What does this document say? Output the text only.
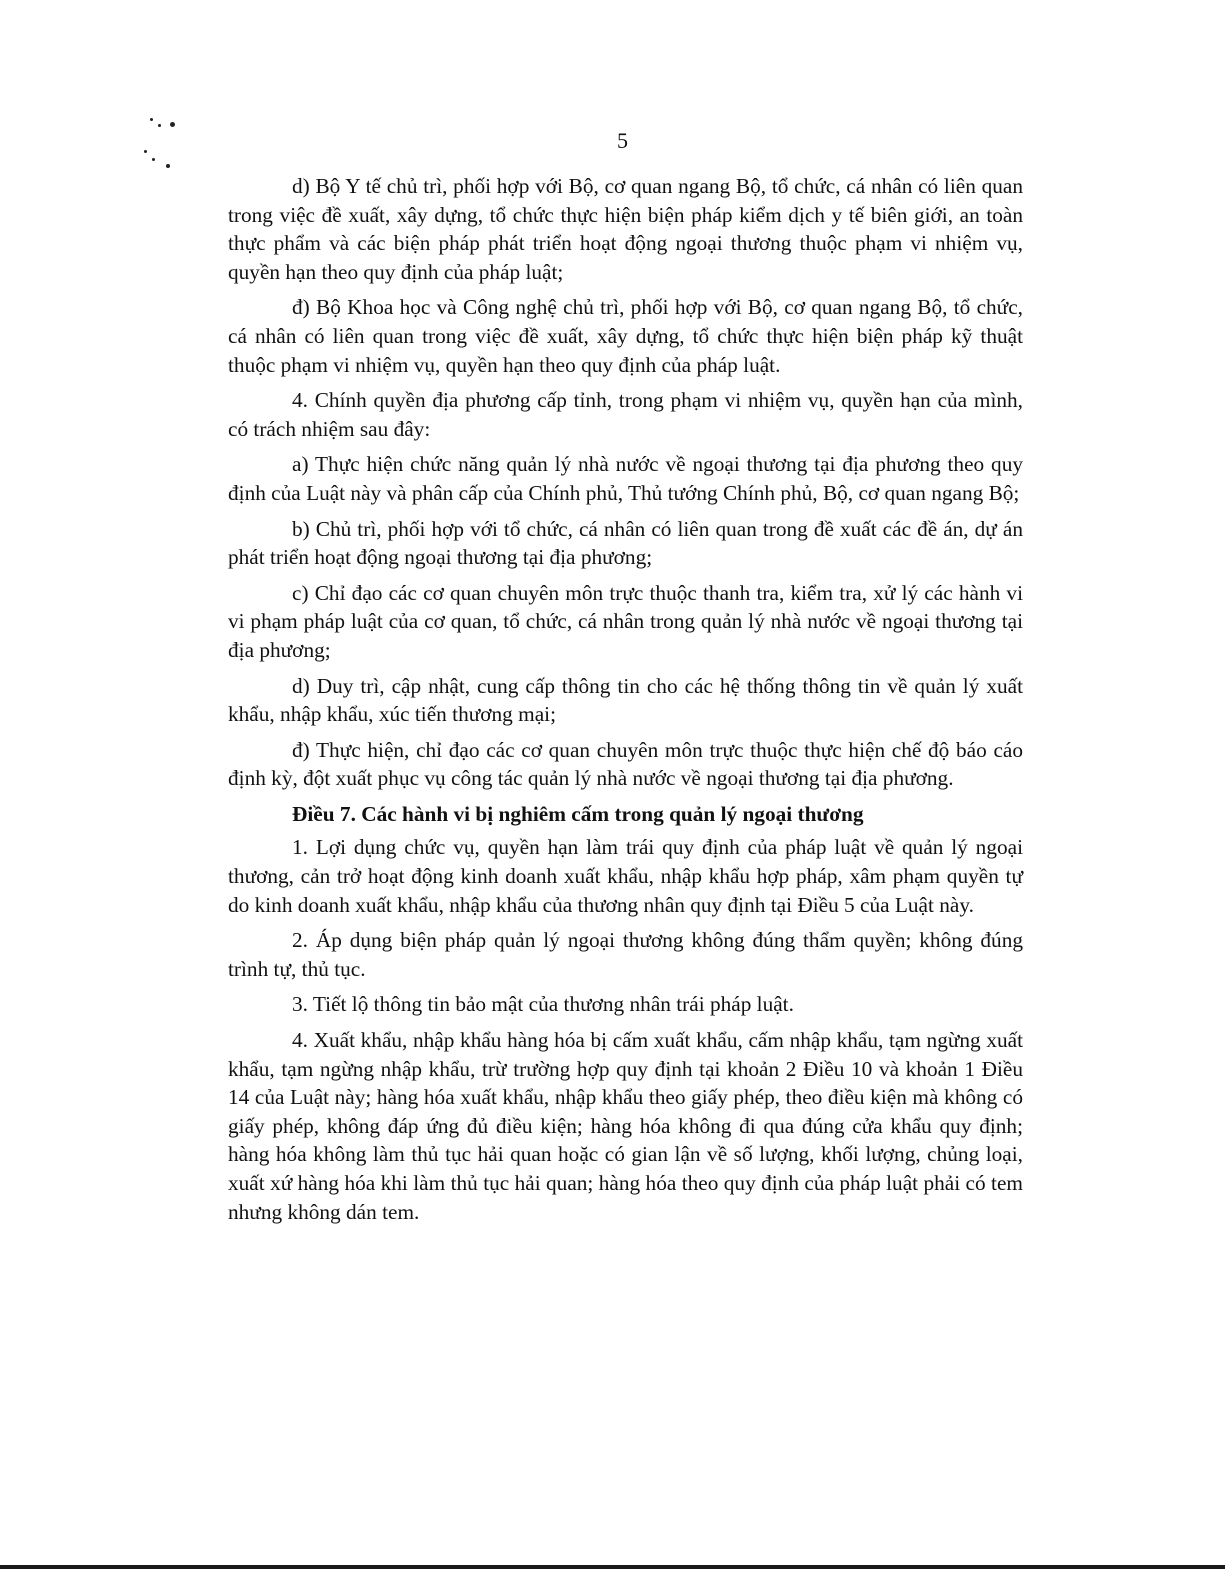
5

d) Bộ Y tế chủ trì, phối hợp với Bộ, cơ quan ngang Bộ, tổ chức, cá nhân có liên quan trong việc đề xuất, xây dựng, tổ chức thực hiện biện pháp kiểm dịch y tế biên giới, an toàn thực phẩm và các biện pháp phát triển hoạt động ngoại thương thuộc phạm vi nhiệm vụ, quyền hạn theo quy định của pháp luật;

đ) Bộ Khoa học và Công nghệ chủ trì, phối hợp với Bộ, cơ quan ngang Bộ, tổ chức, cá nhân có liên quan trong việc đề xuất, xây dựng, tổ chức thực hiện biện pháp kỹ thuật thuộc phạm vi nhiệm vụ, quyền hạn theo quy định của pháp luật.

4. Chính quyền địa phương cấp tỉnh, trong phạm vi nhiệm vụ, quyền hạn của mình, có trách nhiệm sau đây:

a) Thực hiện chức năng quản lý nhà nước về ngoại thương tại địa phương theo quy định của Luật này và phân cấp của Chính phủ, Thủ tướng Chính phủ, Bộ, cơ quan ngang Bộ;

b) Chủ trì, phối hợp với tổ chức, cá nhân có liên quan trong đề xuất các đề án, dự án phát triển hoạt động ngoại thương tại địa phương;

c) Chỉ đạo các cơ quan chuyên môn trực thuộc thanh tra, kiểm tra, xử lý các hành vi vi phạm pháp luật của cơ quan, tổ chức, cá nhân trong quản lý nhà nước về ngoại thương tại địa phương;

d) Duy trì, cập nhật, cung cấp thông tin cho các hệ thống thông tin về quản lý xuất khẩu, nhập khẩu, xúc tiến thương mại;

đ) Thực hiện, chỉ đạo các cơ quan chuyên môn trực thuộc thực hiện chế độ báo cáo định kỳ, đột xuất phục vụ công tác quản lý nhà nước về ngoại thương tại địa phương.

Điều 7. Các hành vi bị nghiêm cấm trong quản lý ngoại thương

1. Lợi dụng chức vụ, quyền hạn làm trái quy định của pháp luật về quản lý ngoại thương, cản trở hoạt động kinh doanh xuất khẩu, nhập khẩu hợp pháp, xâm phạm quyền tự do kinh doanh xuất khẩu, nhập khẩu của thương nhân quy định tại Điều 5 của Luật này.

2. Áp dụng biện pháp quản lý ngoại thương không đúng thẩm quyền; không đúng trình tự, thủ tục.

3. Tiết lộ thông tin bảo mật của thương nhân trái pháp luật.

4. Xuất khẩu, nhập khẩu hàng hóa bị cấm xuất khẩu, cấm nhập khẩu, tạm ngừng xuất khẩu, tạm ngừng nhập khẩu, trừ trường hợp quy định tại khoản 2 Điều 10 và khoản 1 Điều 14 của Luật này; hàng hóa xuất khẩu, nhập khẩu theo giấy phép, theo điều kiện mà không có giấy phép, không đáp ứng đủ điều kiện; hàng hóa không đi qua đúng cửa khẩu quy định; hàng hóa không làm thủ tục hải quan hoặc có gian lận về số lượng, khối lượng, chủng loại, xuất xứ hàng hóa khi làm thủ tục hải quan; hàng hóa theo quy định của pháp luật phải có tem nhưng không dán tem.
